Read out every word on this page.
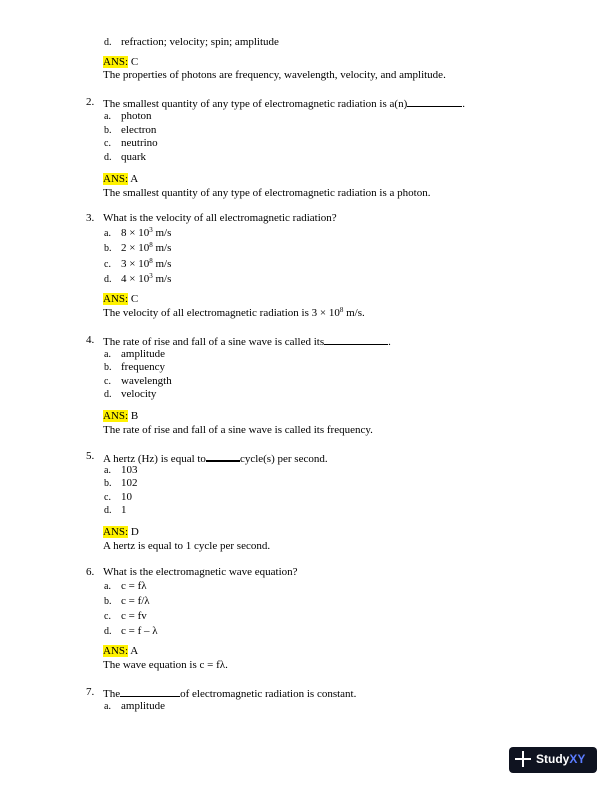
d. refraction; velocity; spin; amplitude
ANS: C
The properties of photons are frequency, wavelength, velocity, and amplitude.
2. The smallest quantity of any type of electromagnetic radiation is a(n)	.
a. photon
b. electron
c. neutrino
d. quark
ANS: A
The smallest quantity of any type of electromagnetic radiation is a photon.
3. What is the velocity of all electromagnetic radiation?
a. $8 \times 10^3$ m/s
b. $2 \times 10^8$ m/s
c. $3 \times 10^8$ m/s
d. $4 \times 10^3$ m/s
ANS: C
The velocity of all electromagnetic radiation is $3 \times 10^8$ m/s.
4. The rate of rise and fall of a sine wave is called its	.
a. amplitude
b. frequency
c. wavelength
d. velocity
ANS: B
The rate of rise and fall of a sine wave is called its frequency.
5. A hertz (Hz) is equal to	cycle(s) per second.
a. 103
b. 102
c. 10
d. 1
ANS: D
A hertz is equal to 1 cycle per second.
6. What is the electromagnetic wave equation?
a. c = fλ
b. c = f/λ
c. c = fv
d. c = f – λ
ANS: A
The wave equation is c = fλ.
7. The	of electromagnetic radiation is constant.
a. amplitude
StudyXY
